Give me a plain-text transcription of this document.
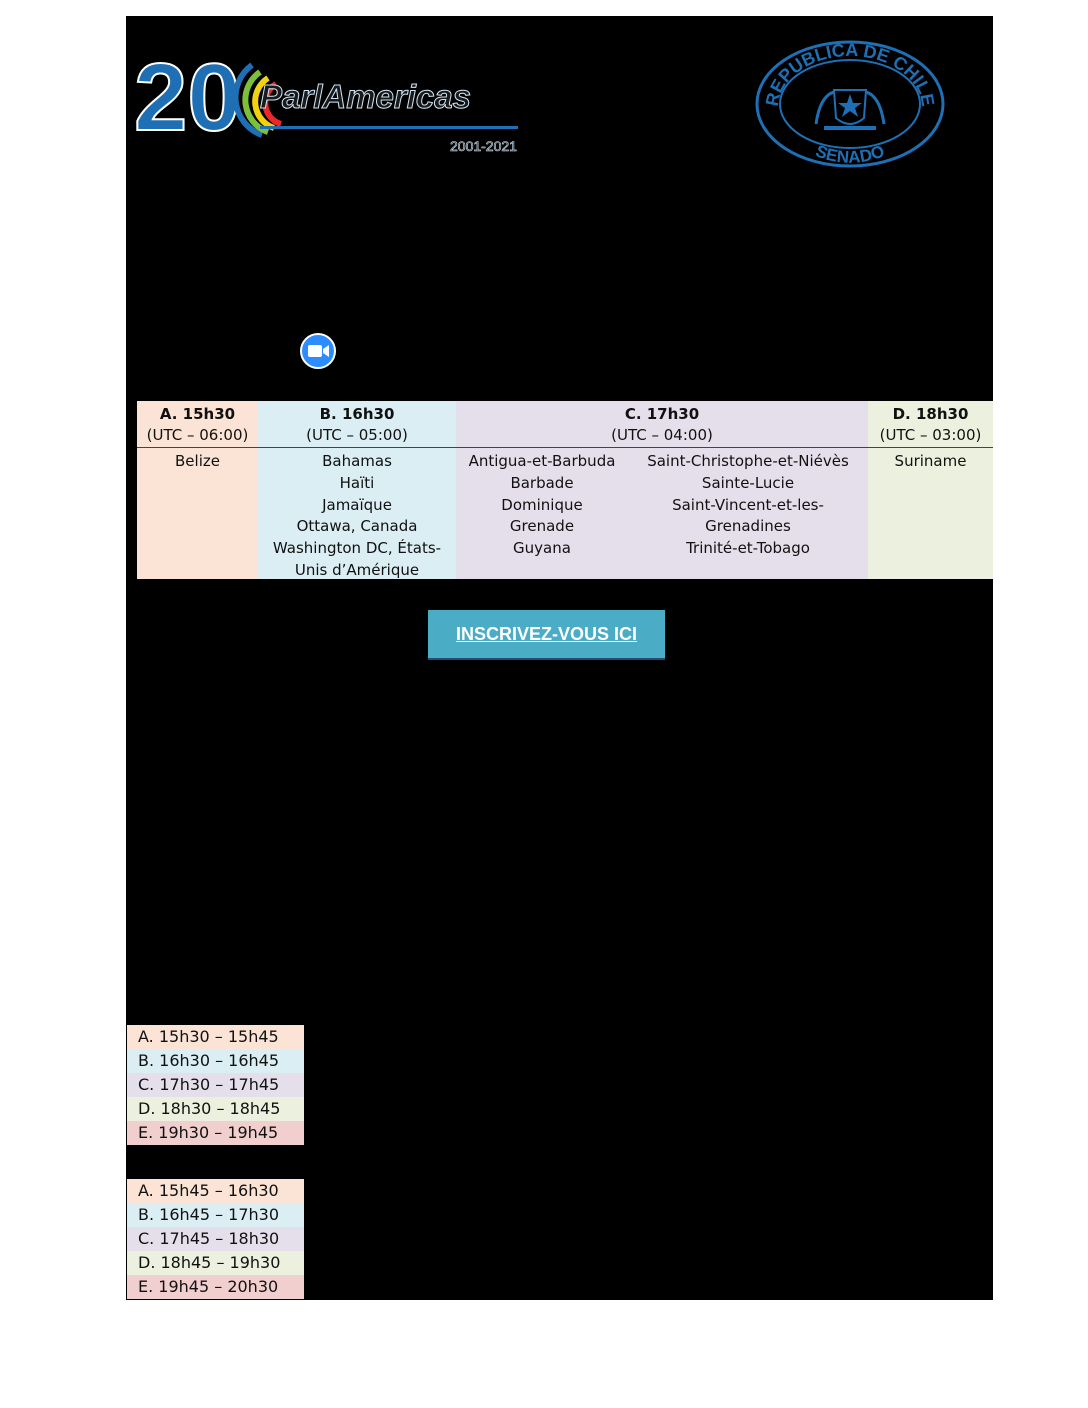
20 ParlAmericas
2001-2021
REPUBLICA DE CHILE
SENADO
A. 15h30
(UTC – 06:00)
Belize
B. 16h30
(UTC – 05:00)
Bahamas
Haïti
Jamaïque
Ottawa, Canada
Washington DC, États-
Unis d’Amérique
C. 17h30
(UTC – 04:00)
Antigua-et-Barbuda
Barbade
Dominique
Grenade
Guyana
Saint-Christophe-et-Niévès
Sainte-Lucie
Saint-Vincent-et-les-
Grenadines
Trinité-et-Tobago
D. 18h30
(UTC – 03:00)
Suriname
INSCRIVEZ-VOUS ICI
A. 15h30 – 15h45
B. 16h30 – 16h45
C. 17h30 – 17h45
D. 18h30 – 18h45
E. 19h30 – 19h45
A. 15h45 – 16h30
B. 16h45 – 17h30
C. 17h45 – 18h30
D. 18h45 – 19h30
E. 19h45 – 20h30
